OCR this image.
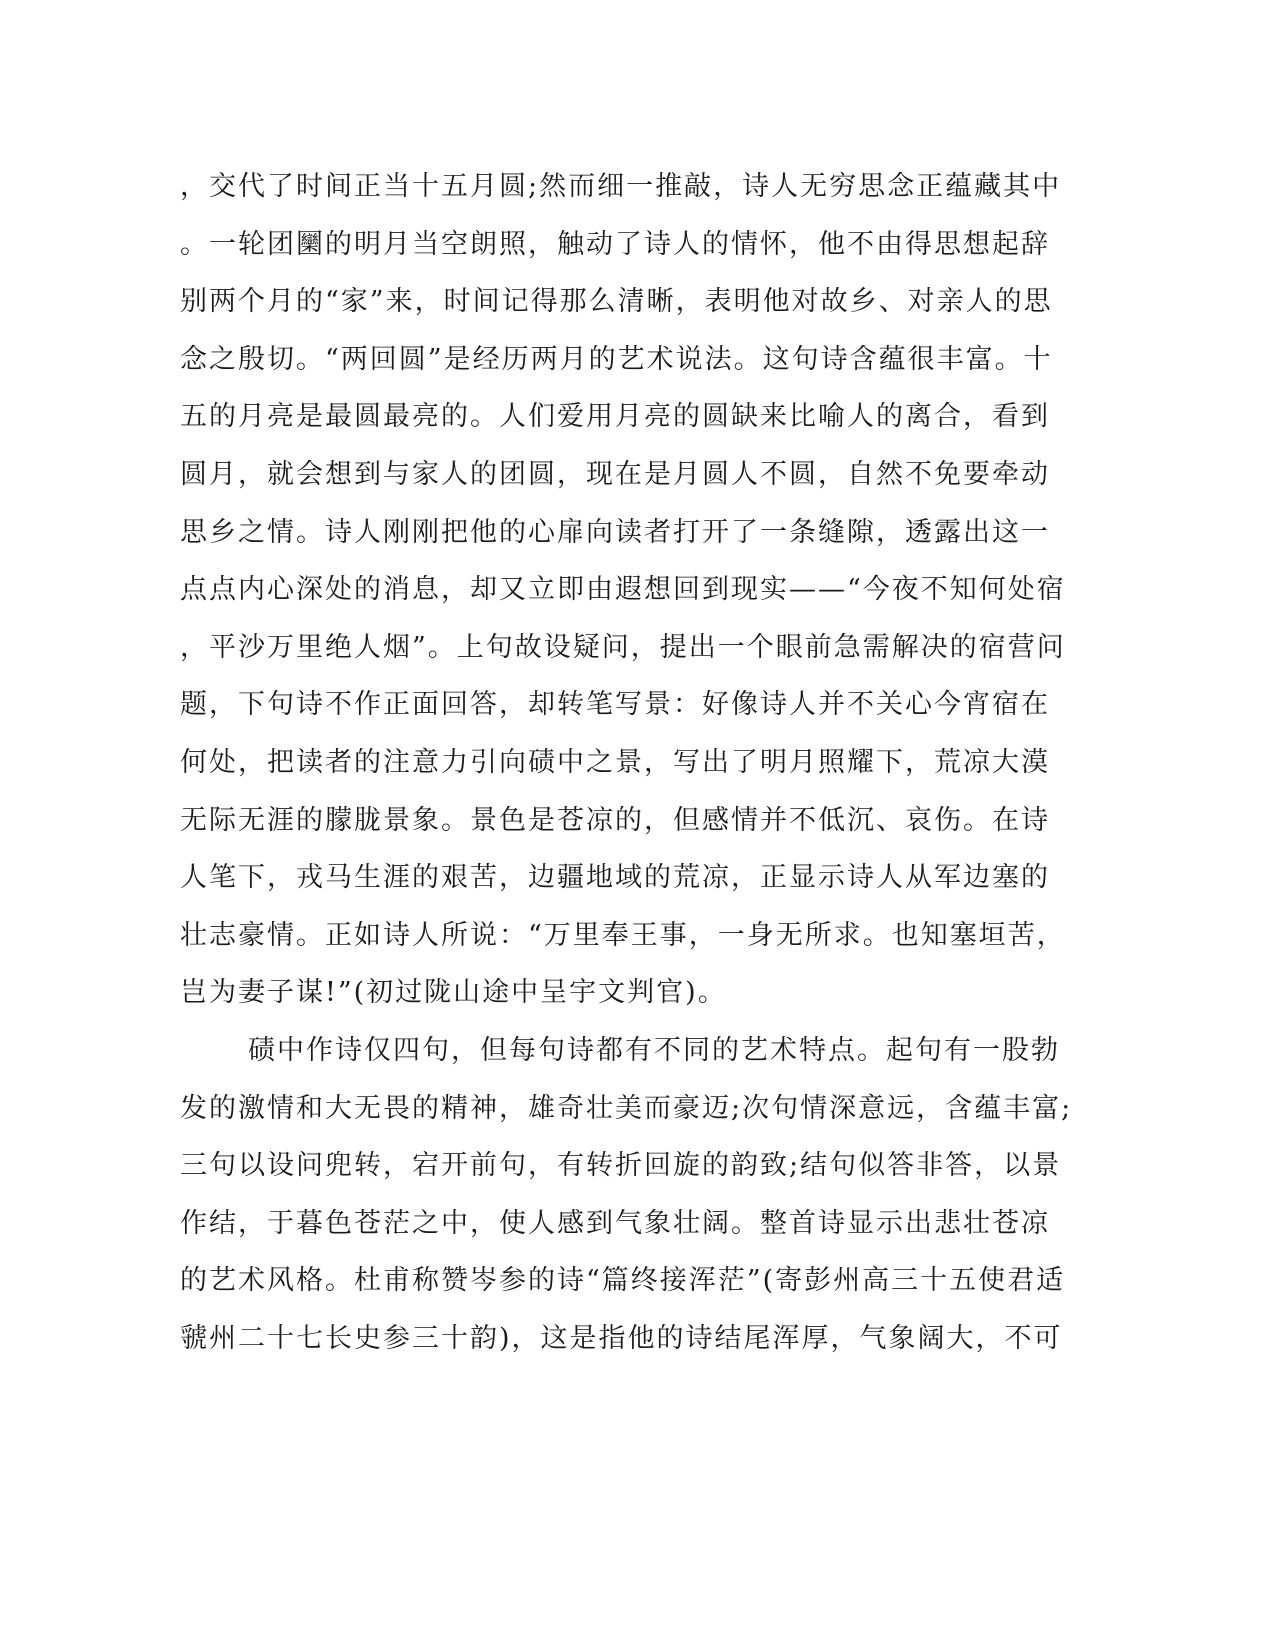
，交代了时间正当十五月圆;然而细一推敲，诗人无穷思念正蕴藏其中
。一轮团圞的明月当空朗照，触动了诗人的情怀，他不由得思想起辞
别两个月的“家”来，时间记得那么清晰，表明他对故乡、对亲人的思
念之殷切。“两回圆”是经历两月的艺术说法。这句诗含蕴很丰富。十
五的月亮是最圆最亮的。人们爱用月亮的圆缺来比喻人的离合，看到
圆月，就会想到与家人的团圆，现在是月圆人不圆，自然不免要牵动
思乡之情。诗人刚刚把他的心扉向读者打开了一条缝隙，透露出这一
点点内心深处的消息，却又立即由遐想回到现实——“今夜不知何处宿
，平沙万里绝人烟”。上句故设疑问，提出一个眼前急需解决的宿营问
题，下句诗不作正面回答，却转笔写景：好像诗人并不关心今宵宿在
何处，把读者的注意力引向碛中之景，写出了明月照耀下，荒凉大漠
无际无涯的朦胧景象。景色是苍凉的，但感情并不低沉、哀伤。在诗
人笔下，戎马生涯的艰苦，边疆地域的荒凉，正显示诗人从军边塞的
壮志豪情。正如诗人所说：“万里奉王事，一身无所求。也知塞垣苦，
岂为妻子谋!”(初过陇山途中呈宇文判官)。
碛中作诗仅四句，但每句诗都有不同的艺术特点。起句有一股勃
发的激情和大无畏的精神，雄奇壮美而豪迈;次句情深意远，含蕴丰富;
三句以设问兜转，宕开前句，有转折回旋的韵致;结句似答非答，以景
作结，于暮色苍茫之中，使人感到气象壮阔。整首诗显示出悲壮苍凉
的艺术风格。杜甫称赞岑参的诗“篇终接浑茫”(寄彭州高三十五使君适
虢州二十七长史参三十韵)，这是指他的诗结尾浑厚，气象阔大，不可
